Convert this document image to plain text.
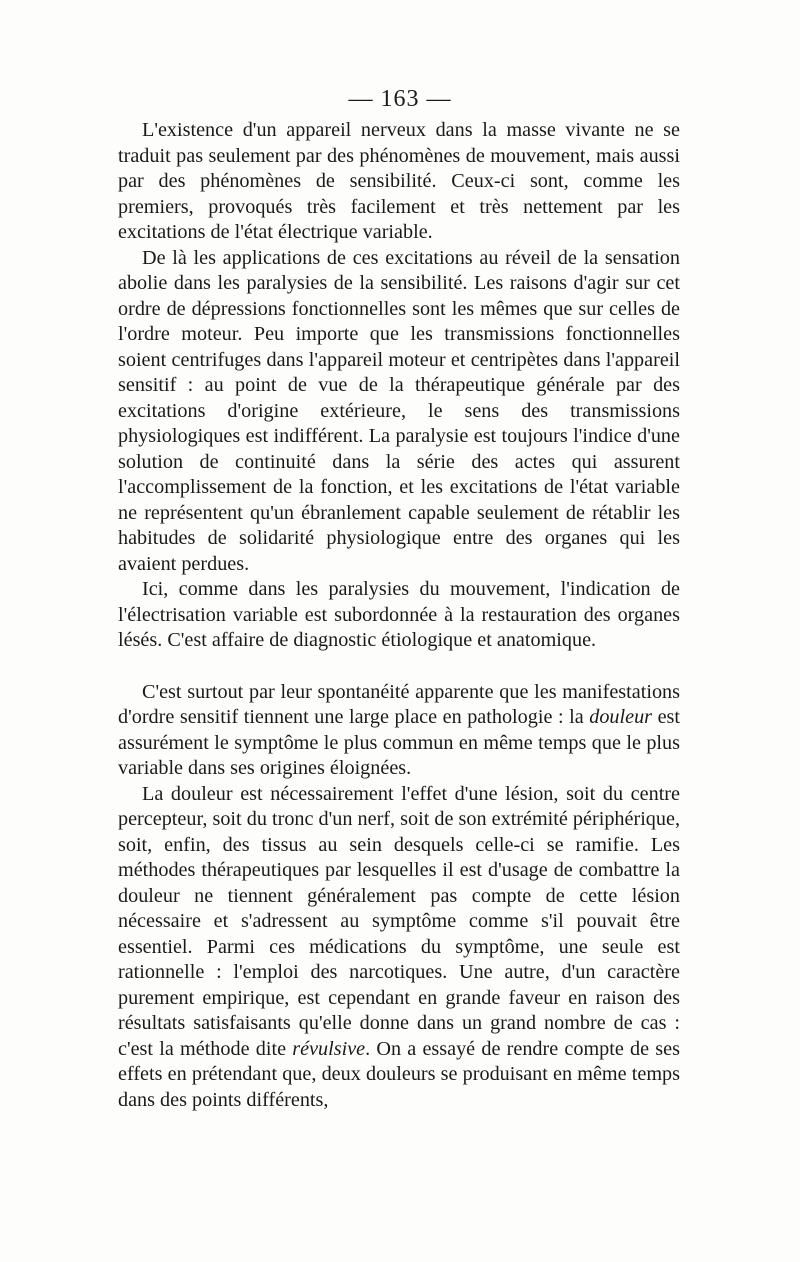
— 163 —

L'existence d'un appareil nerveux dans la masse vivante ne se traduit pas seulement par des phénomènes de mouvement, mais aussi par des phénomènes de sensibilité. Ceux-ci sont, comme les premiers, provoqués très facilement et très nettement par les excitations de l'état électrique variable.

De là les applications de ces excitations au réveil de la sensation abolie dans les paralysies de la sensibilité. Les raisons d'agir sur cet ordre de dépressions fonctionnelles sont les mêmes que sur celles de l'ordre moteur. Peu importe que les transmissions fonctionnelles soient centrifuges dans l'appareil moteur et centripètes dans l'appareil sensitif : au point de vue de la thérapeutique générale par des excitations d'origine extérieure, le sens des transmissions physiologiques est indifférent. La paralysie est toujours l'indice d'une solution de continuité dans la série des actes qui assurent l'accomplissement de la fonction, et les excitations de l'état variable ne représentent qu'un ébranlement capable seulement de rétablir les habitudes de solidarité physiologique entre des organes qui les avaient perdues.

Ici, comme dans les paralysies du mouvement, l'indication de l'électrisation variable est subordonnée à la restauration des organes lésés. C'est affaire de diagnostic étiologique et anatomique.

C'est surtout par leur spontanéité apparente que les manifestations d'ordre sensitif tiennent une large place en pathologie : la douleur est assurément le symptôme le plus commun en même temps que le plus variable dans ses origines éloignées.

La douleur est nécessairement l'effet d'une lésion, soit du centre percepteur, soit du tronc d'un nerf, soit de son extrémité périphérique, soit, enfin, des tissus au sein desquels celle-ci se ramifie. Les méthodes thérapeutiques par lesquelles il est d'usage de combattre la douleur ne tiennent généralement pas compte de cette lésion nécessaire et s'adressent au symptôme comme s'il pouvait être essentiel. Parmi ces médications du symptôme, une seule est rationnelle : l'emploi des narcotiques. Une autre, d'un caractère purement empirique, est cependant en grande faveur en raison des résultats satisfaisants qu'elle donne dans un grand nombre de cas : c'est la méthode dite révulsive. On a essayé de rendre compte de ses effets en prétendant que, deux douleurs se produisant en même temps dans des points différents,
